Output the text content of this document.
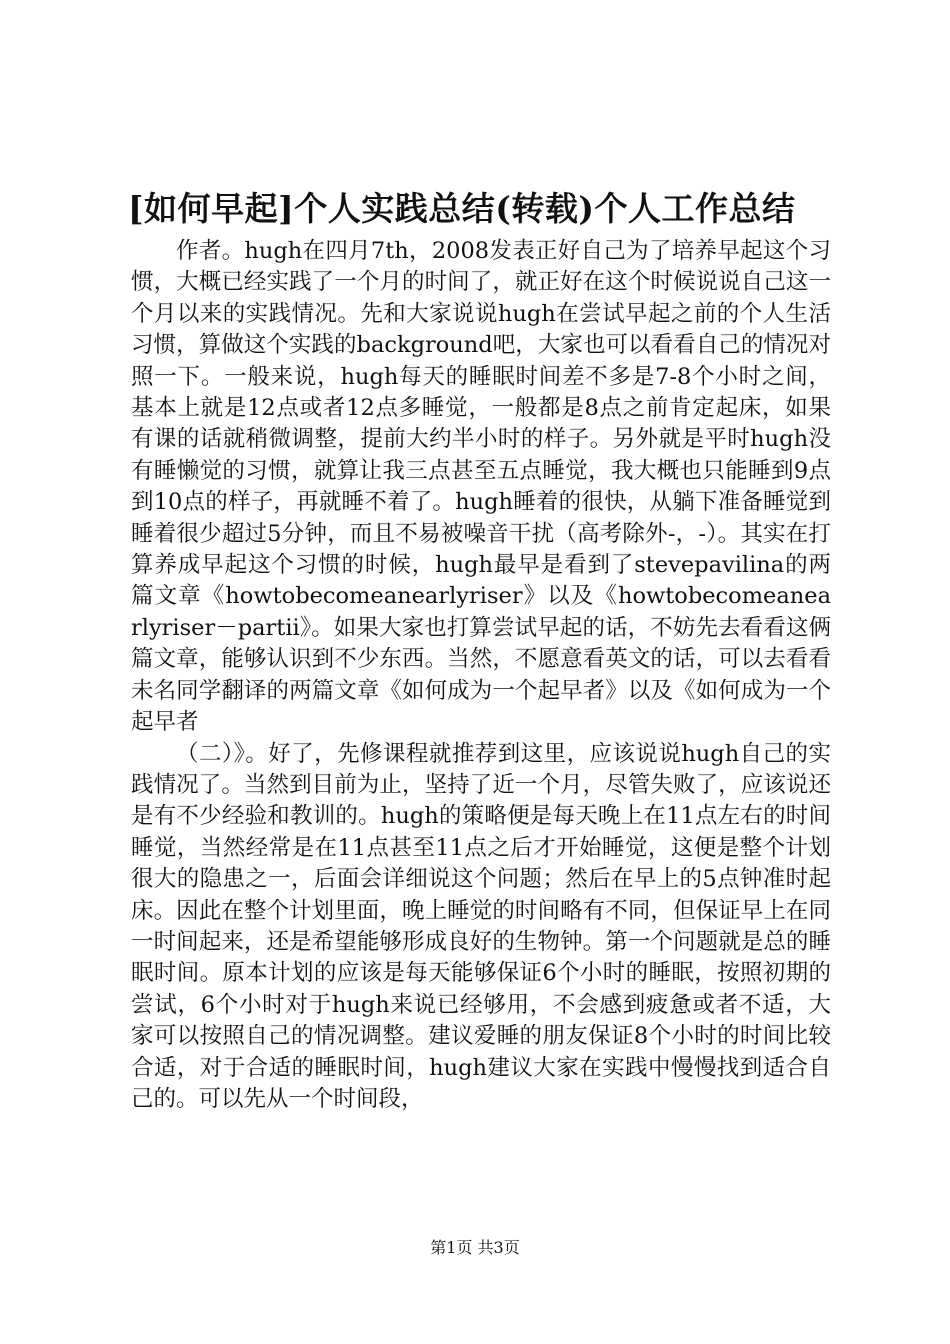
[如何早起]个人实践总结(转载)个人工作总结

作者。hugh在四月7th，2008发表正好自己为了培养早起这个习惯，大概已经实践了一个月的时间了，就正好在这个时候说说自己这一个月以来的实践情况。先和大家说说hugh在尝试早起之前的个人生活习惯，算做这个实践的background吧，大家也可以看看自己的情况对照一下。一般来说，hugh每天的睡眠时间差不多是7-8个小时之间，基本上就是12点或者12点多睡觉，一般都是8点之前肯定起床，如果有课的话就稍微调整，提前大约半小时的样子。另外就是平时hugh没有睡懒觉的习惯，就算让我三点甚至五点睡觉，我大概也只能睡到9点到10点的样子，再就睡不着了。hugh睡着的很快，从躺下准备睡觉到睡着很少超过5分钟，而且不易被噪音干扰（高考除外-，-）。其实在打算养成早起这个习惯的时候，hugh最早是看到了stevepavilina的两篇文章《howtobecomeanearlyriser》以及《howtobecomeanearlyriser－partii》。如果大家也打算尝试早起的话，不妨先去看看这俩篇文章，能够认识到不少东西。当然，不愿意看英文的话，可以去看看未名同学翻译的两篇文章《如何成为一个起早者》以及《如何成为一个起早者

（二）》。好了，先修课程就推荐到这里，应该说说hugh自己的实践情况了。当然到目前为止，坚持了近一个月，尽管失败了，应该说还是有不少经验和教训的。hugh的策略便是每天晚上在11点左右的时间睡觉，当然经常是在11点甚至11点之后才开始睡觉，这便是整个计划很大的隐患之一，后面会详细说这个问题；然后在早上的5点钟准时起床。因此在整个计划里面，晚上睡觉的时间略有不同，但保证早上在同一时间起来，还是希望能够形成良好的生物钟。第一个问题就是总的睡眠时间。原本计划的应该是每天能够保证6个小时的睡眠，按照初期的尝试，6个小时对于hugh来说已经够用，不会感到疲惫或者不适，大家可以按照自己的情况调整。建议爱睡的朋友保证8个小时的时间比较合适，对于合适的睡眠时间，hugh建议大家在实践中慢慢找到适合自己的。可以先从一个时间段，

第1页 共3页
